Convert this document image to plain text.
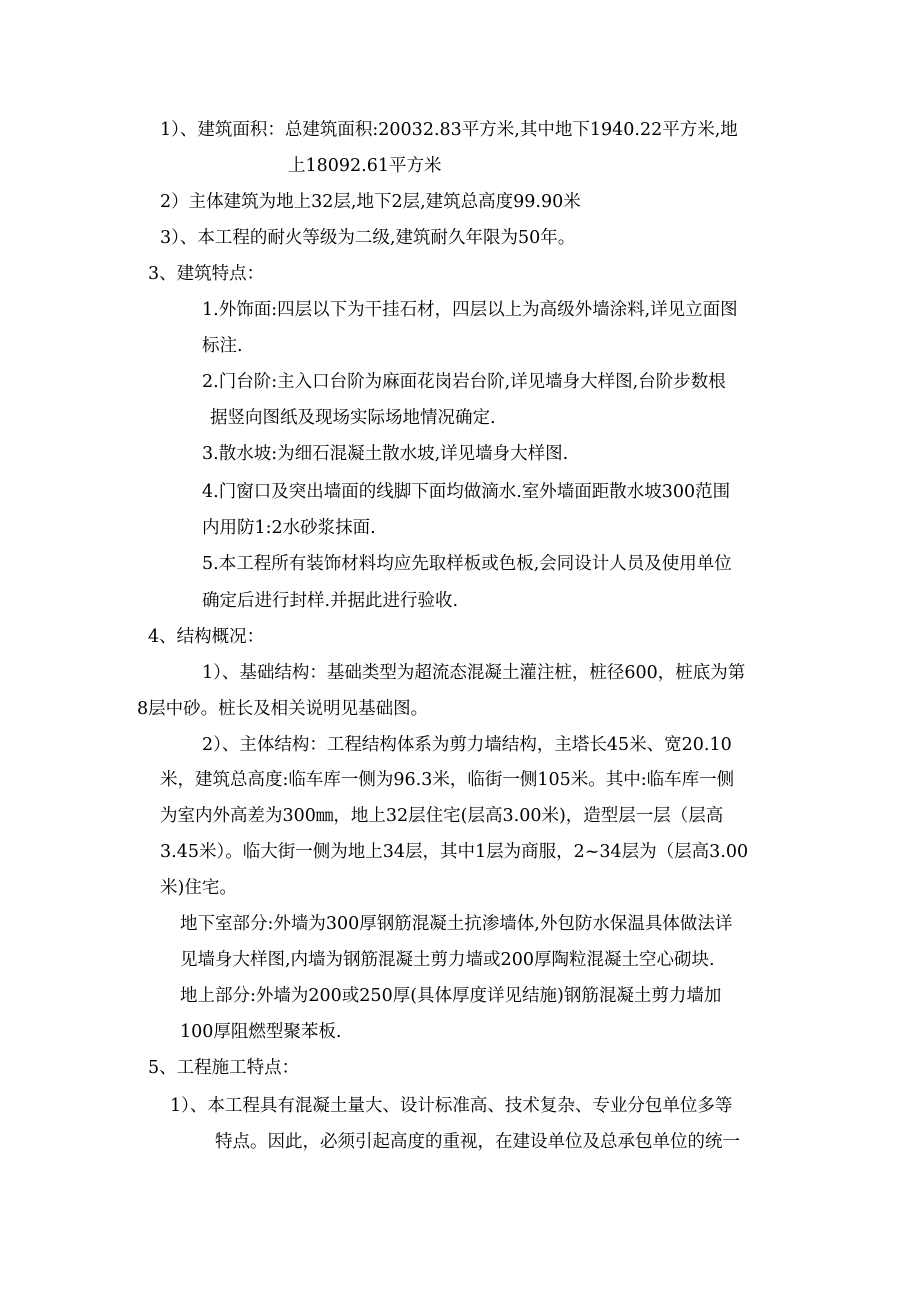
1）、建筑面积：总建筑面积:20032.83平方米,其中地下1940.22平方米,地

上18092.61平方米

2）主体建筑为地上32层,地下2层,建筑总高度99.90米

3）、本工程的耐火等级为二级,建筑耐久年限为50年。

3、建筑特点：

1.外饰面:四层以下为干挂石材，四层以上为高级外墙涂料,详见立面图

标注.

2.门台阶:主入口台阶为麻面花岗岩台阶,详见墙身大样图,台阶步数根

据竖向图纸及现场实际场地情况确定.

3.散水坡:为细石混凝土散水坡,详见墙身大样图.

4.门窗口及突出墙面的线脚下面均做滴水.室外墙面距散水坡300范围

内用防1:2水砂浆抹面.

5.本工程所有装饰材料均应先取样板或色板,会同设计人员及使用单位

确定后进行封样.并据此进行验收.

4、结构概况：

1）、基础结构：基础类型为超流态混凝土灌注桩，桩径600，桩底为第

8层中砂。桩长及相关说明见基础图。

2）、主体结构：工程结构体系为剪力墙结构，主塔长45米、宽20.10

米，建筑总高度:临车库一侧为96.3米，临街一侧105米。其中:临车库一侧

为室内外高差为300㎜，地上32层住宅(层高3.00米)，造型层一层（层高

3.45米）。临大街一侧为地上34层，其中1层为商服，2~34层为（层高3.00

米)住宅。

地下室部分:外墙为300厚钢筋混凝土抗渗墙体,外包防水保温具体做法详

见墙身大样图,内墙为钢筋混凝土剪力墙或200厚陶粒混凝土空心砌块.

地上部分:外墙为200或250厚(具体厚度详见结施)钢筋混凝土剪力墙加

100厚阻燃型聚苯板.

5、工程施工特点：

1）、本工程具有混凝土量大、设计标准高、技术复杂、专业分包单位多等

特点。因此，必须引起高度的重视，在建设单位及总承包单位的统一
